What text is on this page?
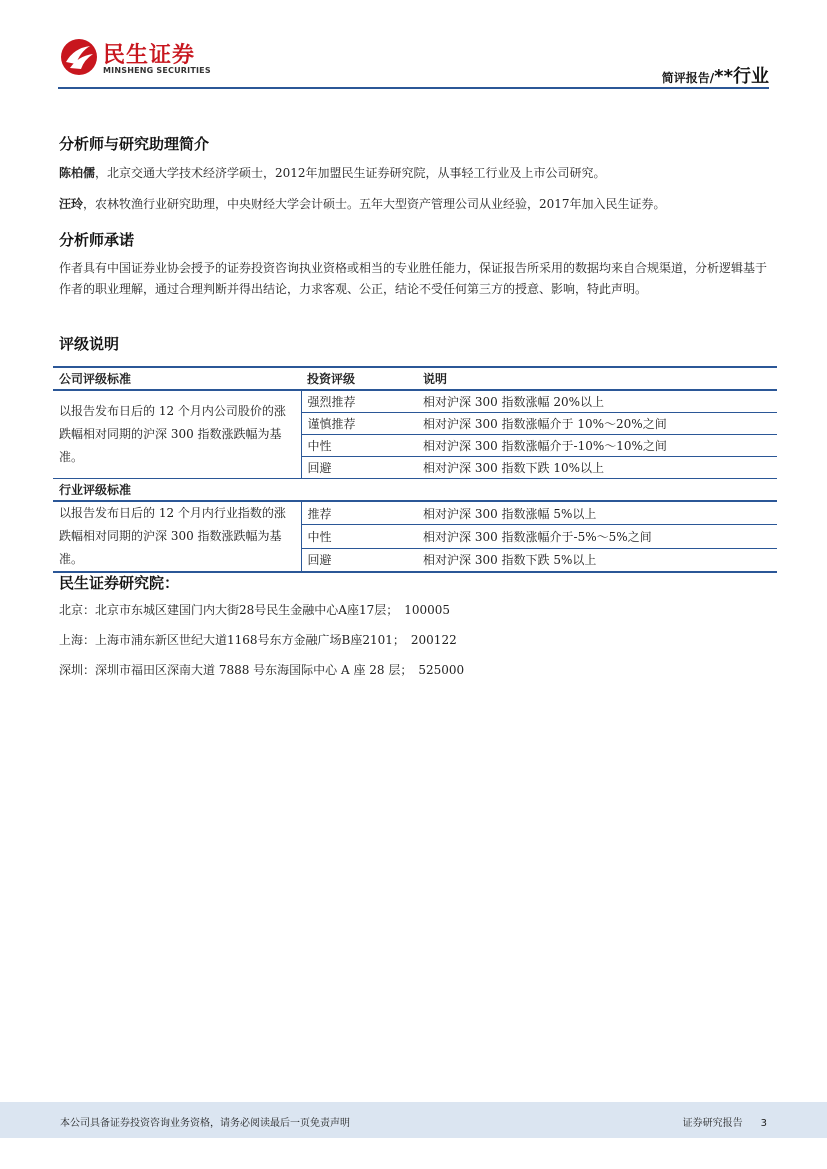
民生证券
MINSHENG SECURITIES
简评报告/**行业
分析师与研究助理简介
陈柏儒，北京交通大学技术经济学硕士，2012年加盟民生证券研究院，从事轻工行业及上市公司研究。
汪玲，农林牧渔行业研究助理，中央财经大学会计硕士。五年大型资产管理公司从业经验，2017年加入民生证券。
分析师承诺
作者具有中国证券业协会授予的证券投资咨询执业资格或相当的专业胜任能力，保证报告所采用的数据均来自合规渠道，分析逻辑基于作者的职业理解，通过合理判断并得出结论，力求客观、公正，结论不受任何第三方的授意、影响，特此声明。
评级说明
公司评级标准	投资评级	说明
以报告发布日后的 12 个月内公司股价的涨跌幅相对同期的沪深 300 指数涨跌幅为基准。	强烈推荐	相对沪深 300 指数涨幅 20%以上
	谨慎推荐	相对沪深 300 指数涨幅介于 10%～20%之间
	中性	相对沪深 300 指数涨幅介于-10%～10%之间
	回避	相对沪深 300 指数下跌 10%以上
行业评级标准		
以报告发布日后的 12 个月内行业指数的涨跌幅相对同期的沪深 300 指数涨跌幅为基准。	推荐	相对沪深 300 指数涨幅 5%以上
	中性	相对沪深 300 指数涨幅介于-5%～5%之间
	回避	相对沪深 300 指数下跌 5%以上
民生证券研究院：
北京：北京市东城区建国门内大街28号民生金融中心A座17层；　100005
上海：上海市浦东新区世纪大道1168号东方金融广场B座2101；　200122
深圳：深圳市福田区深南大道 7888 号东海国际中心 A 座 28 层；　525000
本公司具备证券投资咨询业务资格，请务必阅读最后一页免责声明	证券研究报告 3
